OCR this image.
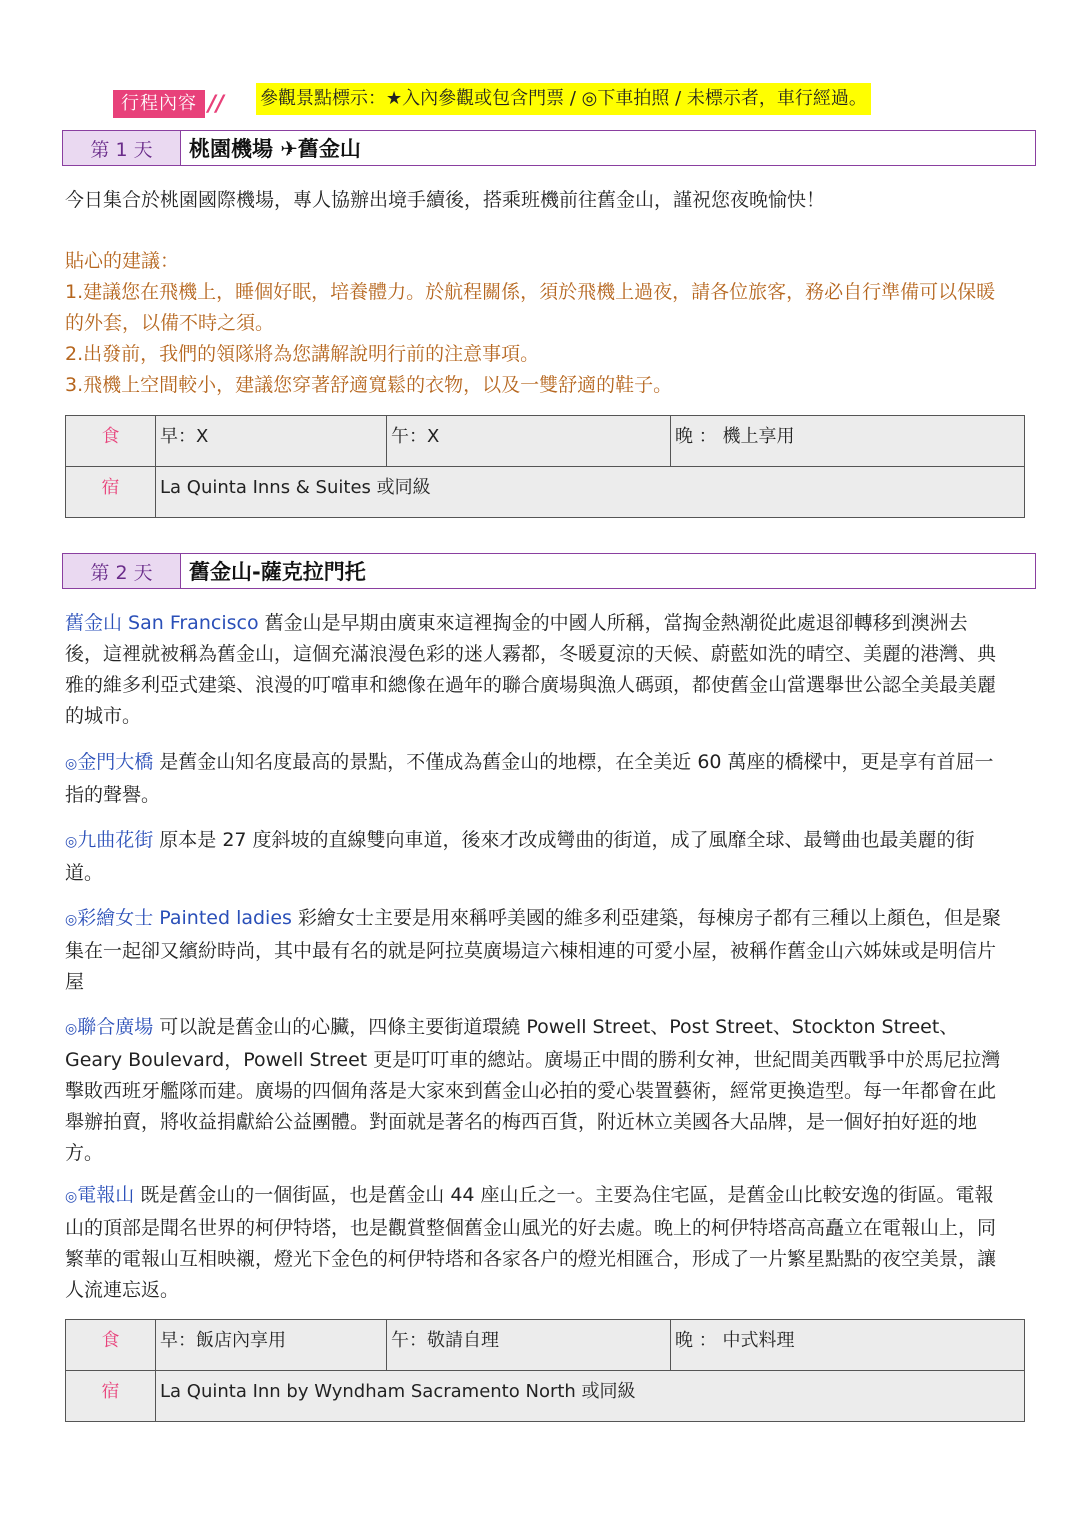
行程內容 // 參觀景點標示：★入內參觀或包含門票 / ◎下車拍照 / 未標示者，車行經過。
第 1 天	桃園機場 ✈舊金山
今日集合於桃園國際機場，專人協辦出境手續後，搭乘班機前往舊金山，謹祝您夜晚愉快！
貼心的建議：
1.建議您在飛機上，睡個好眠，培養體力。於航程關係，須於飛機上過夜，請各位旅客，務必自行準備可以保暖的外套，以備不時之須。
2.出發前，我們的領隊將為您講解說明行前的注意事項。
3.飛機上空間較小，建議您穿著舒適寬鬆的衣物，以及一雙舒適的鞋子。
食	早：X	午：X	晚 ： 機上享用
宿	La Quinta Inns & Suites 或同級		
第 2 天	舊金山-薩克拉門托
舊金山 San Francisco 舊金山是早期由廣東來這裡掏金的中國人所稱，當掏金熱潮從此處退卻轉移到澳洲去後，這裡就被稱為舊金山，這個充滿浪漫色彩的迷人霧都，冬暖夏涼的天候、蔚藍如洗的晴空、美麗的港灣、典雅的維多利亞式建築、浪漫的叮噹車和總像在過年的聯合廣場與漁人碼頭，都使舊金山當選舉世公認全美最美麗的城市。
◎金門大橋 是舊金山知名度最高的景點，不僅成為舊金山的地標，在全美近 60 萬座的橋樑中，更是享有首屈一指的聲譽。
◎九曲花街 原本是 27 度斜坡的直線雙向車道，後來才改成彎曲的街道，成了風靡全球、最彎曲也最美麗的街道。
◎彩繪女士 Painted ladies 彩繪女士主要是用來稱呼美國的維多利亞建築，每棟房子都有三種以上顏色，但是聚集在一起卻又繽紛時尚，其中最有名的就是阿拉莫廣場這六棟相連的可愛小屋，被稱作舊金山六姊妹或是明信片屋
◎聯合廣場 可以說是舊金山的心臟，四條主要街道環繞 Powell Street、Post Street、Stockton Street、Geary Boulevard，Powell Street 更是叮叮車的總站。廣場正中間的勝利女神，世紀間美西戰爭中於馬尼拉灣擊敗西班牙艦隊而建。廣場的四個角落是大家來到舊金山必拍的愛心裝置藝術，經常更換造型。每一年都會在此舉辦拍賣，將收益捐獻給公益團體。對面就是著名的梅西百貨，附近林立美國各大品牌，是一個好拍好逛的地方。
◎電報山 既是舊金山的一個街區，也是舊金山 44 座山丘之一。主要為住宅區，是舊金山比較安逸的街區。電報山的頂部是聞名世界的柯伊特塔，也是觀賞整個舊金山風光的好去處。晚上的柯伊特塔高高矗立在電報山上，同繁華的電報山互相映襯，燈光下金色的柯伊特塔和各家各户的燈光相匯合，形成了一片繁星點點的夜空美景，讓人流連忘返。
食	早：飯店內享用	午：敬請自理	晚 ： 中式料理
宿	La Quinta Inn by Wyndham Sacramento North 或同級		
